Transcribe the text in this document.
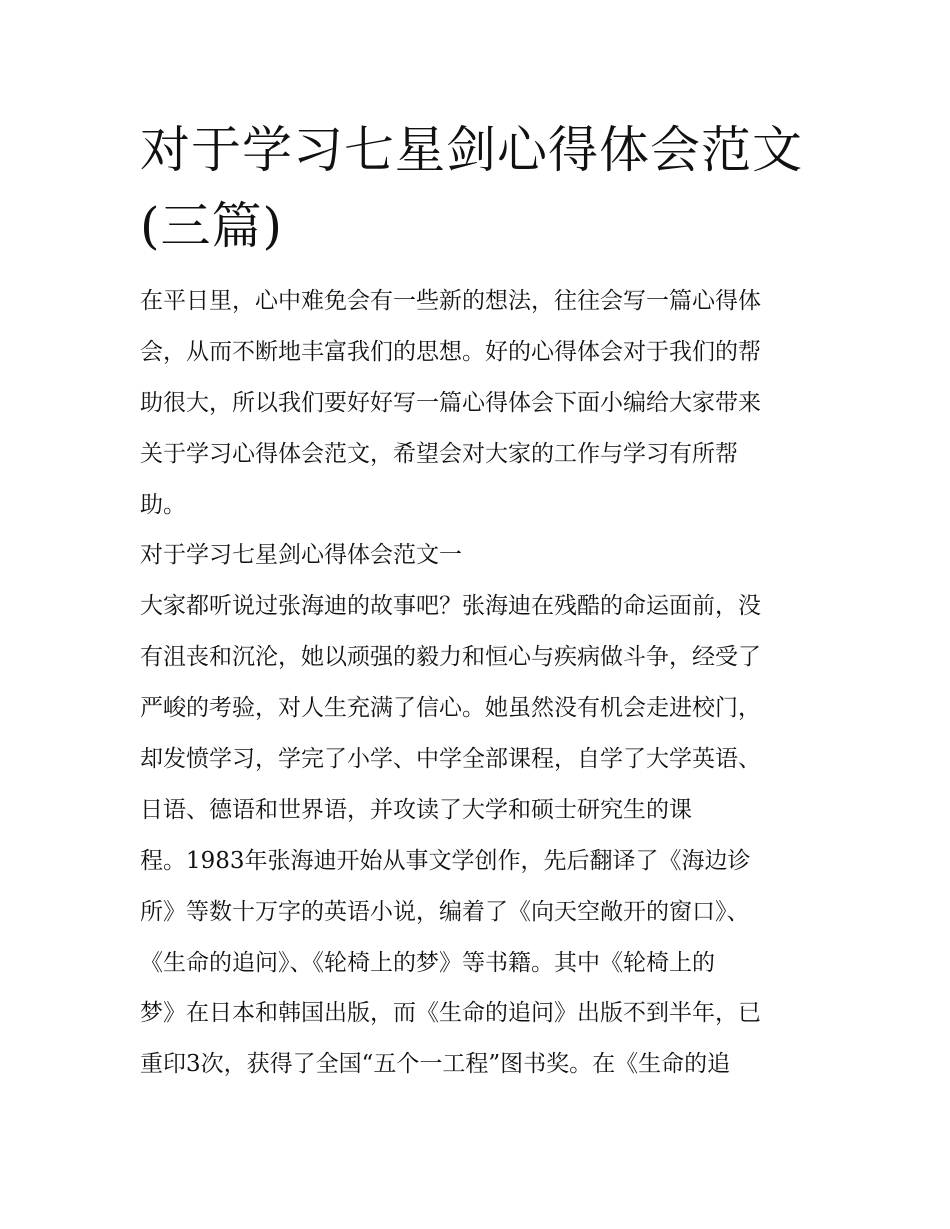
对于学习七星剑心得体会范文
(三篇)
在平日里，心中难免会有一些新的想法，往往会写一篇心得体
会，从而不断地丰富我们的思想。好的心得体会对于我们的帮
助很大，所以我们要好好写一篇心得体会下面小编给大家带来
关于学习心得体会范文，希望会对大家的工作与学习有所帮
助。
对于学习七星剑心得体会范文一
大家都听说过张海迪的故事吧？张海迪在残酷的命运面前，没
有沮丧和沉沦，她以顽强的毅力和恒心与疾病做斗争，经受了
严峻的考验，对人生充满了信心。她虽然没有机会走进校门，
却发愤学习，学完了小学、中学全部课程，自学了大学英语、
日语、德语和世界语，并攻读了大学和硕士研究生的课
程。1983年张海迪开始从事文学创作，先后翻译了《海边诊
所》等数十万字的英语小说，编着了《向天空敞开的窗口》、
《生命的追问》、《轮椅上的梦》等书籍。其中《轮椅上的
梦》在日本和韩国出版，而《生命的追问》出版不到半年，已
重印3次，获得了全国“五个一工程”图书奖。在《生命的追
